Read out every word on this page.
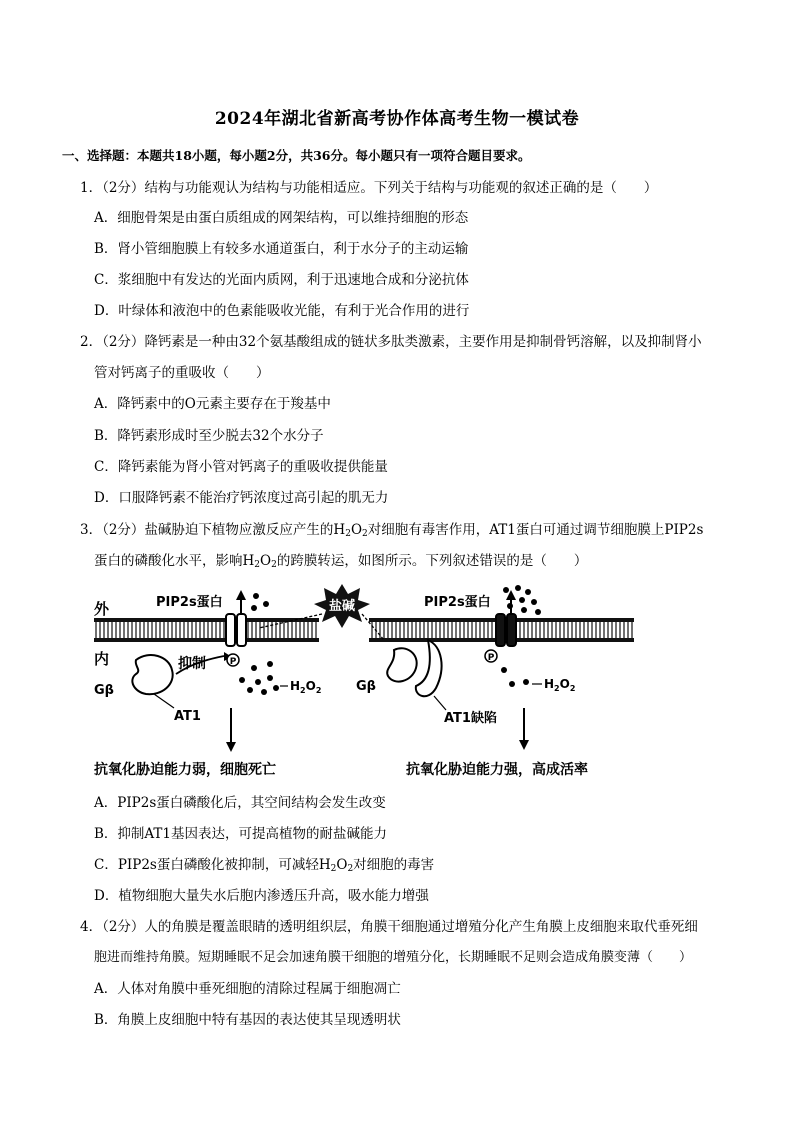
2024年湖北省新高考协作体高考生物一模试卷
一、选择题：本题共18小题，每小题2分，共36分。每小题只有一项符合题目要求。
1．（2分）结构与功能观认为结构与功能相适应。下列关于结构与功能观的叙述正确的是（　　）
A．细胞骨架是由蛋白质组成的网架结构，可以维持细胞的形态
B．肾小管细胞膜上有较多水通道蛋白，利于水分子的主动运输
C．浆细胞中有发达的光面内质网，利于迅速地合成和分泌抗体
D．叶绿体和液泡中的色素能吸收光能，有利于光合作用的进行
2．（2分）降钙素是一种由32个氨基酸组成的链状多肽类激素，主要作用是抑制骨钙溶解，以及抑制肾小
管对钙离子的重吸收（　　）
A．降钙素中的O元素主要存在于羧基中
B．降钙素形成时至少脱去32个水分子
C．降钙素能为肾小管对钙离子的重吸收提供能量
D．口服降钙素不能治疗钙浓度过高引起的肌无力
3．（2分）盐碱胁迫下植物应激反应产生的$H_2O_2$对细胞有毒害作用，AT1蛋白可通过调节细胞膜上PIP2s
蛋白的磷酸化水平，影响$H_2O_2$的跨膜转运，如图所示。下列叙述错误的是（　　）
外
内
PIP2s蛋白	盐碱
Gβ
抑制
AT1
P
$H_2O_2$
抗氧化胁迫能力弱，细胞死亡
PIP2s蛋白
P
Gβ
AT1缺陷
$H_2O_2$
抗氧化胁迫能力强，高成活率
A．PIP2s蛋白磷酸化后，其空间结构会发生改变
B．抑制AT1基因表达，可提高植物的耐盐碱能力
C．PIP2s蛋白磷酸化被抑制，可减轻$H_2O_2$对细胞的毒害
D．植物细胞大量失水后胞内渗透压升高，吸水能力增强
4．（2分）人的角膜是覆盖眼睛的透明组织层，角膜干细胞通过增殖分化产生角膜上皮细胞来取代垂死细
胞进而维持角膜。短期睡眠不足会加速角膜干细胞的增殖分化，长期睡眠不足则会造成角膜变薄（　　）
A．人体对角膜中垂死细胞的清除过程属于细胞凋亡
B．角膜上皮细胞中特有基因的表达使其呈现透明状
